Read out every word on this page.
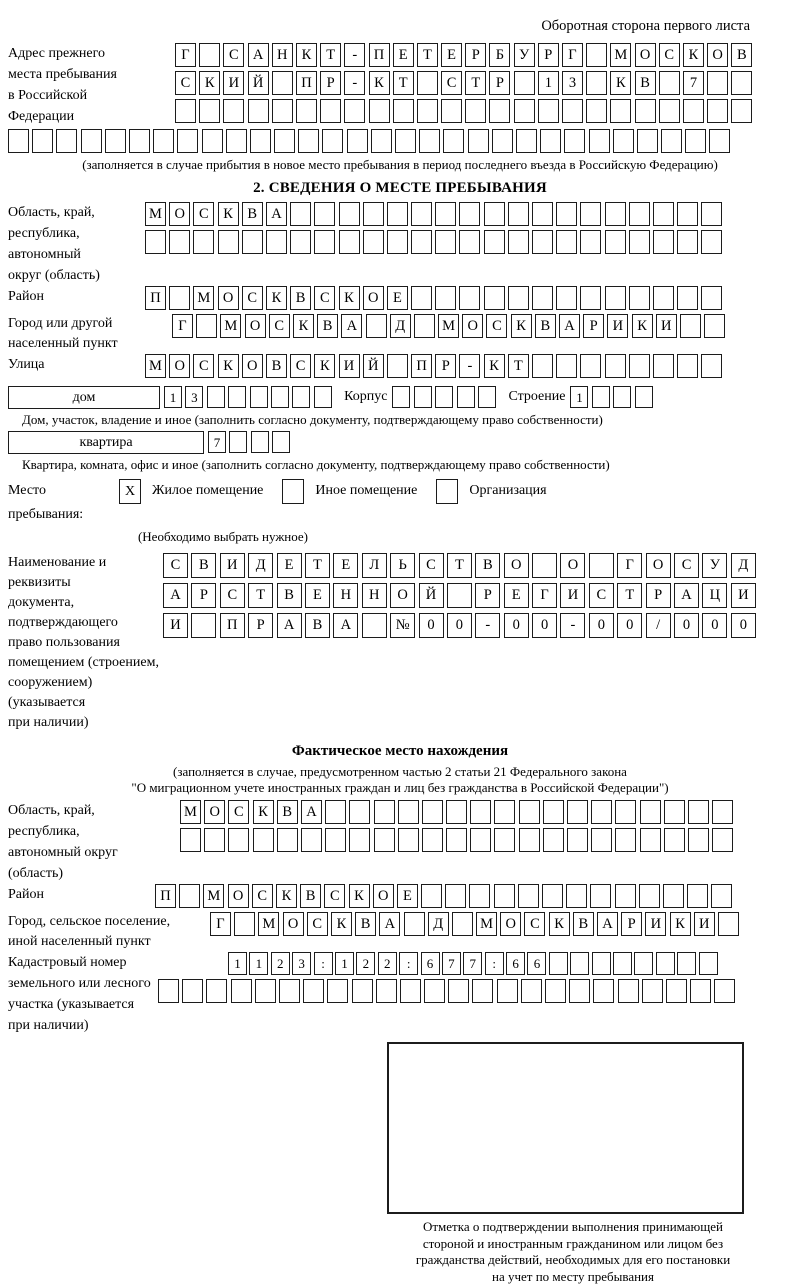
Оборотная сторона первого листа
Адрес прежнего
места пребывания
в Российской
Федерации
Г	С А Н К	Т	-	П	Е	Т	Е	Р	Б	У	Р	Г	М О С	К О В
С	К И Й	П	Р	-	К	Т	С	Т	Р	1	3	К	В	7
(заполняется в случае прибытия в новое место пребывания в период последнего въезда в Российскую Федерацию)
2. СВЕДЕНИЯ О МЕСТЕ ПРЕБЫВАНИЯ
Область, край,
республика,
автономный
округ (область)
М О С	К	В А
Район	П	М О С	К	В	С	К О	Е
Город или другой
населенный пункт
Г	М О С	К	В А	Д	М О С	К	В А	Р	И К И
Улица	М О С	К О В	С	К И Й	П	Р	-	К	Т
дом	1	3	Корпус	Строение 1
Дом, участок, владение и иное (заполнить согласно документу, подтверждающему право собственности)
квартира	7
Квартира, комната, офис и иное (заполнить согласно документу, подтверждающему право собственности)
Место пребывания:
X	Жилое помещение	Иное помещение	Организация
(Необходимо выбрать нужное)
Наименование и реквизиты
документа, подтверждающего
право пользования
помещением (строением,
сооружением) (указывается
при наличии)
С	В	И	Д	Е	Т	Е	Л	Ь	С	Т	В	О	О	Г	О	С	У	Д
А	Р	С	Т	В	Е	Н	Н	О	Й	Р	Е	Г	И	С	Т	Р	А	Ц	И
И	П	Р	А	В	А	№	0	0	-	0	0	-	0	0	/	0	0	0
Фактическое место нахождения
(заполняется в случае, предусмотренном частью 2 статьи 21 Федерального закона
"О миграционном учете иностранных граждан и лиц без гражданства в Российской Федерации")
Область, край,
республика,
автономный округ
(область)
М О С	К	В А
Район	П	М О С	К	В	С	К О	Е
Город, сельское поселение,
иной населенный пункт
Г	М О С	К	В А	Д	М О С	К	В А	Р	И К И
Кадастровый номер
земельного или лесного
участка (указывается
при наличии)
1	1	2	3	:	1	2	2	:	6	7	7	:	6	6
Отметка о подтверждении выполнения принимающей
стороной и иностранным гражданином или лицом без
гражданства действий, необходимых для его постановки
на учет по месту пребывания
